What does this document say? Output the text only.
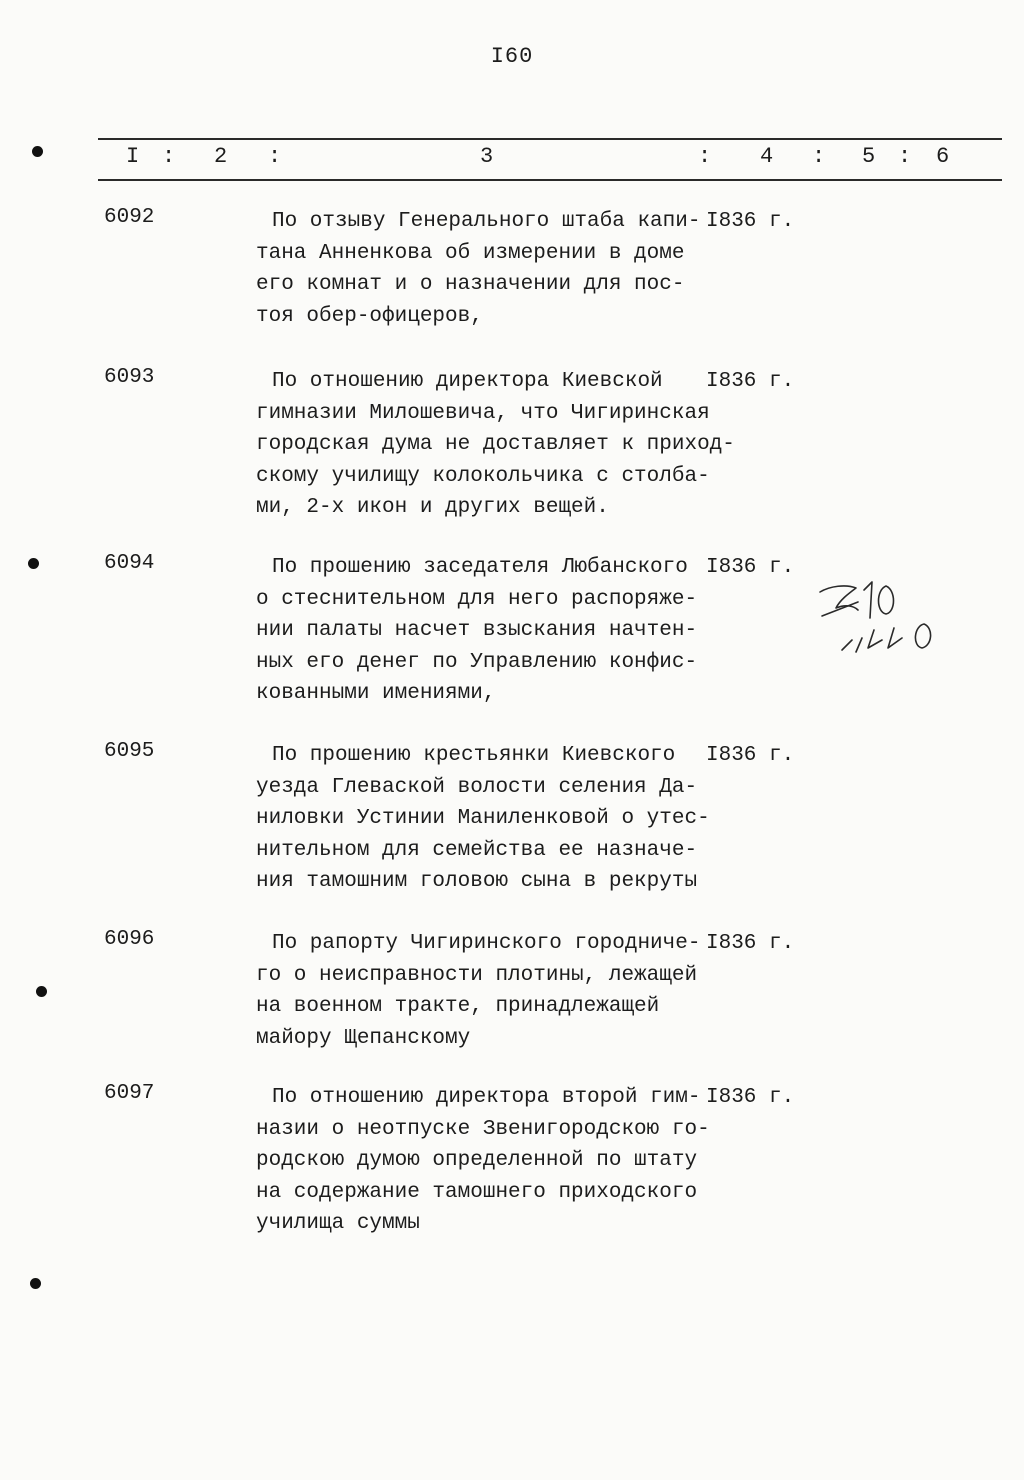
I60
I : 2 :	3	: 4 : 5 : 6
6092	По отзыву Генерального штаба капи-
тана Анненкова об измерении в доме
его комнат и о назначении для пос-
тоя обер-офицеров,
I836 г.
6093	По отношению директора Киевской
гимназии Милошевича, что Чигиринская
городская дума не доставляет к приход-
скому училищу колокольчика с столба-
ми, 2-х икон и других вещей.
I836 г.
6094	По прошению заседателя Любанского
о стеснительном для него распоряже-
нии палаты насчет взыскания начтен-
ных его денег по Управлению конфис-
кованными имениями,
I836 г.
6095	По прошению крестьянки Киевского
уезда Глеваской волости селения Да-
ниловки Устинии Маниленковой о утес-
нительном для семейства ее назначе-
ния тамошним головою сына в рекруты
I836 г.
6096	По рапорту Чигиринского городниче-
го о неисправности плотины, лежащей
на военном тракте, принадлежащей
майору Щепанскому
I836 г.
6097	По отношению директора второй гим-
назии о неотпуске Звенигородскою го-
родскою думою определенной по штату
на содержание тамошнего приходского
училища суммы
I836 г.
